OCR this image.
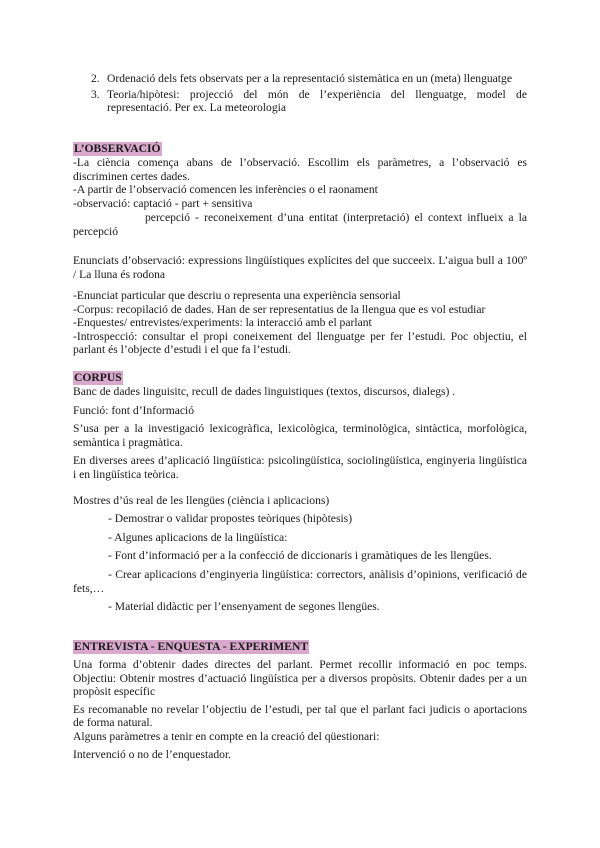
2. Ordenació dels fets observats per a la representació sistemàtica en un (meta) llenguatge
3. Teoria/hipòtesi: projecció del món de l’experiència del llenguatge, model de representació. Per ex. La meteorologia
L’OBSERVACIÓ

-La ciència comença abans de l’observació. Escollim els paràmetres, a l’observació es discriminen certes dades.

-A partir de l’observació comencen les inferències o el raonament

-observació: captació - part + sensitiva

percepció - reconeixement d’una entitat (interpretació) el context influeix a la percepció

Enunciats d’observació: expressions lingüístiques explícites del que succeeix. L’aigua bull a 100º / La lluna és rodona

-Enunciat particular que descriu o representa una experiència sensorial

-Corpus: recopilació de dades. Han de ser representatius de la llengua que es vol estudiar

-Enquestes/ entrevistes/experiments: la interacció amb el parlant

-Introspecció: consultar el propi coneixement del llenguatge per fer l’estudi. Poc objectiu, el parlant és l’objecte d’estudi i el que fa l’estudi.

CORPUS

Banc de dades linguisitc, recull de dades linguistiques (textos, discursos, dialegs) .

Funció: font d’Informació

S’usa per a la investigació lexicogràfica, lexicològica, terminològica, sintàctica, morfològica, semàntica i pragmàtica.

En diverses arees d’aplicació lingüística: psicolingüística, sociolingüística, enginyeria lingüística i en lingüística teòrica.

Mostres d’ús real de les llengües (ciència i aplicacions)

- Demostrar o validar propostes teòriques (hipòtesis)

- Algunes aplicacions de la lingüística:

- Font d’informació per a la confecció de diccionaris i gramàtiques de les llengües.

- Crear aplicacions d’enginyeria lingüística: correctors, anàlisis d’opinions, verificació de fets,…

- Material didàctic per l’ensenyament de segones llengües.

ENTREVISTA - ENQUESTA - EXPERIMENT

Una forma d’obtenir dades directes del parlant. Permet recollir informació en poc temps. Objectiu: Obtenir mostres d’actuació lingüística per a diversos propòsits. Obtenir dades per a un propòsit específic

Es recomanable no revelar l’objectiu de l’estudi, per tal que el parlant faci judicis o aportacions de forma natural.

Alguns paràmetres a tenir en compte en la creació del qüestionari:

Intervenció o no de l’enquestador.
